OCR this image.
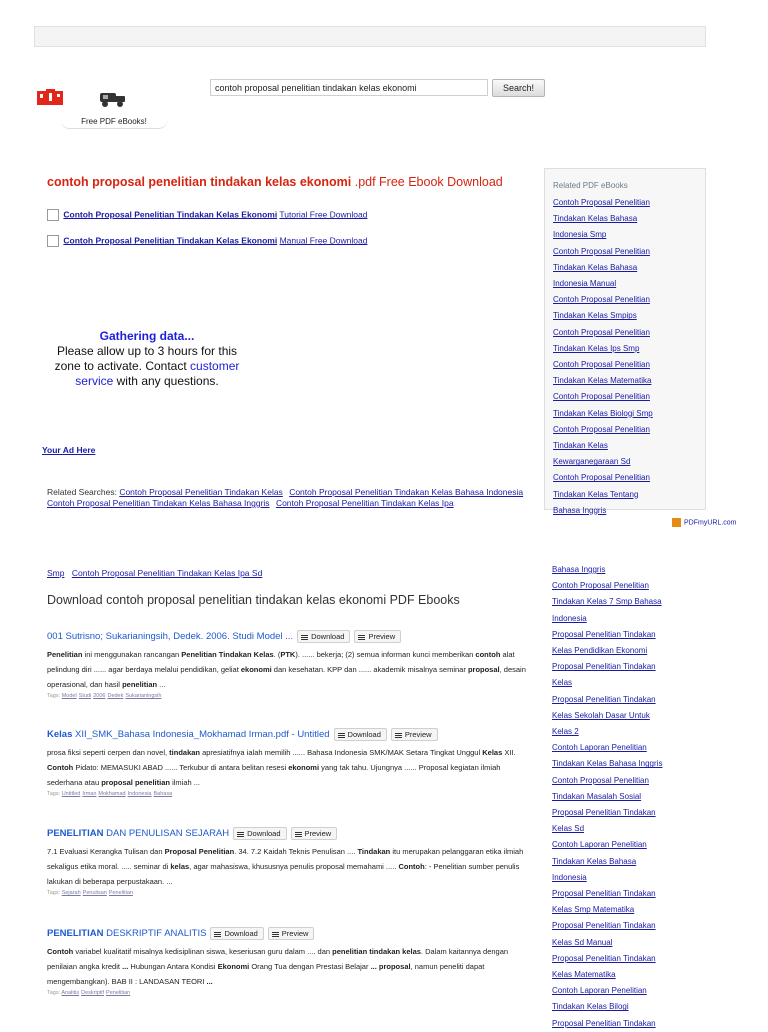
Free PDF eBooks!
contoh proposal penelitian tindakan kelas ekonomi
Search!
contoh proposal penelitian tindakan kelas ekonomi .pdf Free Ebook Download
Contoh Proposal Penelitian Tindakan Kelas Ekonomi Tutorial Free Download
Contoh Proposal Penelitian Tindakan Kelas Ekonomi Manual Free Download
Gathering data...
Please allow up to 3 hours for this zone to activate. Contact customer service with any questions.
Your Ad Here
Related Searches: Contoh Proposal Penelitian Tindakan Kelas Contoh Proposal Penelitian Tindakan Kelas Bahasa Indonesia Contoh Proposal Penelitian Tindakan Kelas Bahasa Inggris Contoh Proposal Penelitian Tindakan Kelas Ipa
Related PDF eBooks
Contoh Proposal Penelitian
Tindakan Kelas Bahasa
Indonesia Smp
Contoh Proposal Penelitian
Tindakan Kelas Bahasa
Indonesia Manual
Contoh Proposal Penelitian
Tindakan Kelas Smpips
Contoh Proposal Penelitian
Tindakan Kelas Ips Smp
Contoh Proposal Penelitian
Tindakan Kelas Matematika
Contoh Proposal Penelitian
Tindakan Kelas Biologi Smp
Contoh Proposal Penelitian
Tindakan Kelas
Kewarganegaraan Sd
Contoh Proposal Penelitian
Tindakan Kelas Tentang
Bahasa Inggris
PDFmyURL.com
Smp Contoh Proposal Penelitian Tindakan Kelas Ipa Sd
Download contoh proposal penelitian tindakan kelas ekonomi PDF Ebooks
001 Sutrisno; Sukarianingsih, Dedek. 2006. Studi Model ... Download	Preview
Penelitian ini menggunakan rancangan Penelitian Tindakan Kelas. (PTK). ...... bekerja; (2) semua informan kunci memberikan contoh alat pelindung diri ...... agar berdaya melalui pendidikan, geliat ekonomi dan kesehatan. KPP dan ...... akademik misalnya seminar proposal, desain operasional, dan hasil penelitian ...
Tags: Model Studi 2006 Dedek Sukarianingsih
Kelas XII_SMK_Bahasa Indonesia_Mokhamad Irman.pdf - Untitled Download	Preview
prosa fiksi seperti cerpen dan novel, tindakan apresiatifnya ialah memilih ...... Bahasa Indonesia SMK/MAK Setara Tingkat Unggul Kelas XII. Contoh Pidato: MEMASUKI ABAD ...... Terkubur di antara belitan resesi ekonomi yang tak tahu. Ujungnya ...... Proposal kegiatan ilmiah sederhana atau proposal penelitian ilmiah ...
Tags: Untitled Irman Mokhamad Indonesia Bahasa
PENELITIAN DAN PENULISAN SEJARAH Download	Preview
7.1 Evaluasi Kerangka Tulisan dan Proposal Penelitian. 34. 7.2 Kaidah Teknis Penulisan .... Tindakan itu merupakan pelanggaran etika ilmiah sekaligus etika moral. ..... seminar di kelas, agar mahasiswa, khususnya penulis proposal memahami ..... Contoh: - Penelitian sumber penulis lakukan di beberapa perpustakaan. ...
Tags: Sejarah Penulisan Penelitian
PENELITIAN DESKRIPTIF ANALITIS Download	Preview
Contoh variabel kualitatif misalnya kedisiplinan siswa, keseriusan guru dalam .... dan penelitian tindakan kelas. Dalam kaitannya dengan penilaian angka kredit ... Hubungan Antara Kondisi Ekonomi Orang Tua dengan Prestasi Belajar ... proposal, namun peneliti dapat mengembangkan). BAB II : LANDASAN TEORI ...
Tags: Analitis Deskriptif Penelitian
Bahasa Inggris
Contoh Proposal Penelitian
Tindakan Kelas 7 Smp Bahasa
Indonesia
Proposal Penelitian Tindakan
Kelas Pendidikan Ekonomi
Proposal Penelitian Tindakan
Kelas
Proposal Penelitian Tindakan
Kelas Sekolah Dasar Untuk
Kelas 2
Contoh Laporan Penelitian
Tindakan Kelas Bahasa Inggris
Contoh Proposal Penelitian
Tindakan Masalah Sosial
Proposal Penelitian Tindakan
Kelas Sd
Contoh Laporan Penelitian
Tindakan Kelas Bahasa
Indonesia
Proposal Penelitian Tindakan
Kelas Smp Matematika
Proposal Penelitian Tindakan
Kelas Sd Manual
Proposal Penelitian Tindakan
Kelas Matematika
Contoh Laporan Penelitian
Tindakan Kelas Bilogi
Proposal Penelitian Tindakan
